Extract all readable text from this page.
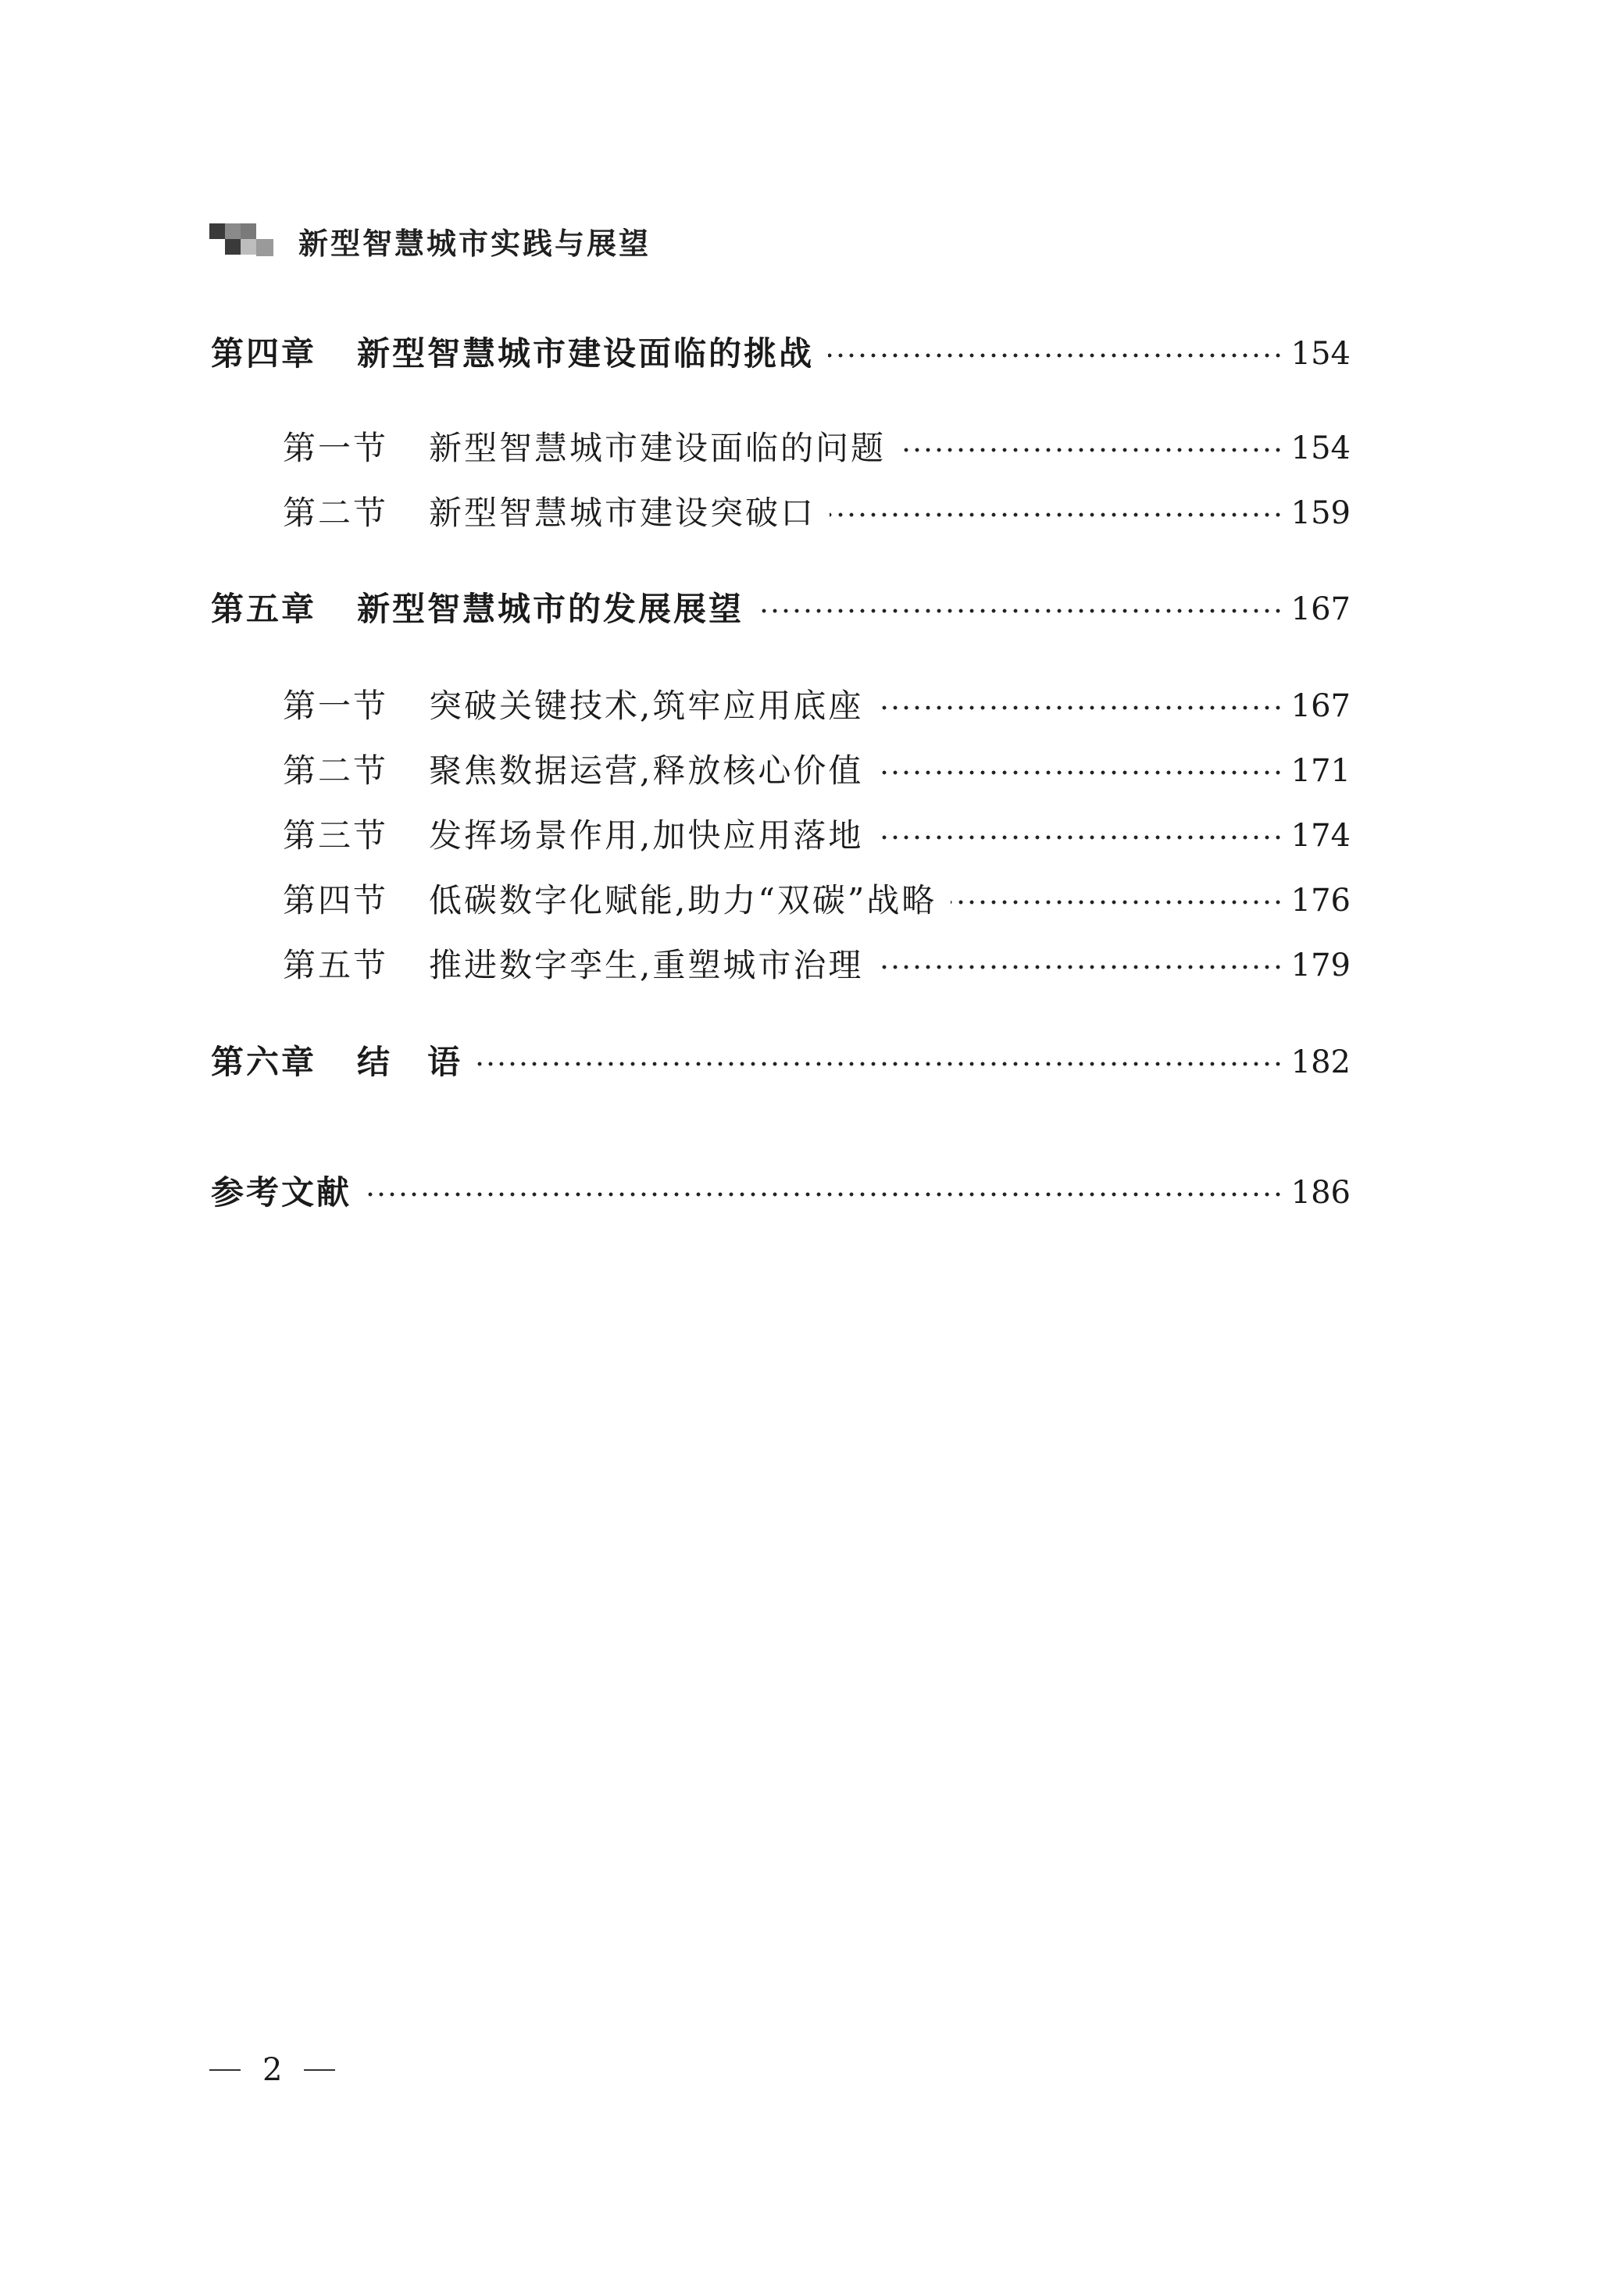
新型智慧城市实践与展望
第四章 新型智慧城市建设面临的挑战	154
第一节 新型智慧城市建设面临的问题	154
第二节 新型智慧城市建设突破口	159
第五章 新型智慧城市的发展展望	167
第一节 突破关键技术,筑牢应用底座	167
第二节 聚焦数据运营,释放核心价值	171
第三节 发挥场景作用,加快应用落地	174
第四节 低碳数字化赋能,助力“双碳”战略	176
第五节 推进数字孪生,重塑城市治理	179
第六章 结　语	182
参考文献	186
2
